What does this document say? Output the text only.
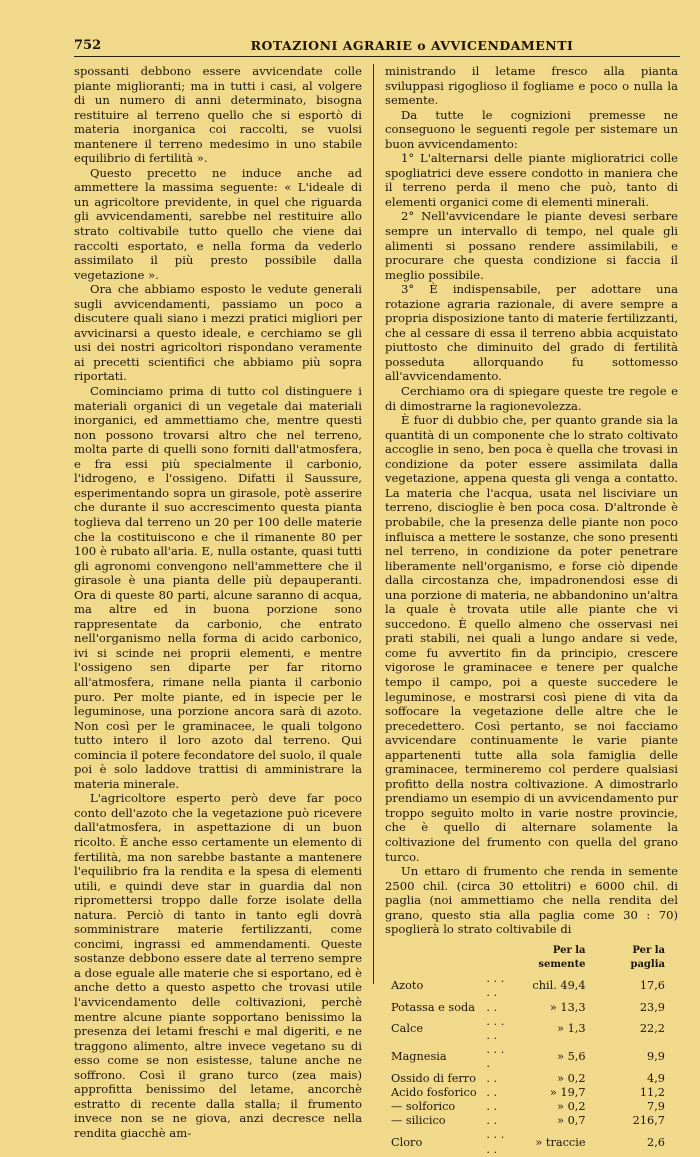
752	ROTAZIONI AGRARIE o AVVICENDAMENTI

spossanti debbono essere avvicendate colle piante miglioranti; ma in tutti i casi, al volgere di un numero di anni determinato, bisogna restituire al terreno quello che si esportò di materia inorganica coi raccolti, se vuolsi mantenere il terreno medesimo in uno stabile equilibrio di fertilità ».

Questo precetto ne induce anche ad ammettere la massima seguente: « L'ideale di un agricoltore previdente, in quel che riguarda gli avvicendamenti, sarebbe nel restituire allo strato coltivabile tutto quello che viene dai raccolti esportato, e nella forma da vederlo assimilato il più presto possibile dalla vegetazione ».

Ora che abbiamo esposto le vedute generali sugli avvicendamenti, passiamo un poco a discutere quali siano i mezzi pratici migliori per avvicinarsi a questo ideale, e cerchiamo se gli usi dei nostri agricoltori rispondano veramente ai precetti scientifici che abbiamo più sopra riportati.

Cominciamo prima di tutto col distinguere i materiali organici di un vegetale dai materiali inorganici, ed ammettiamo che, mentre questi non possono trovarsi altro che nel terreno, molta parte di quelli sono forniti dall'atmosfera, e fra essi più specialmente il carbonio, l'idrogeno, e l'ossigeno. Difatti il Saussure, esperimentando sopra un girasole, potè asserire che durante il suo accrescimento questa pianta toglieva dal terreno un 20 per 100 delle materie che la costituiscono e che il rimanente 80 per 100 è rubato all'aria. E, nulla ostante, quasi tutti gli agronomi convengono nell'ammettere che il girasole è una pianta delle più depauperanti. Ora di queste 80 parti, alcune saranno di acqua, ma altre ed in buona porzione sono rappresentate da carbonio, che entrato nell'organismo nella forma di acido carbonico, ivi si scinde nei proprii elementi, e mentre l'ossigeno sen diparte per far ritorno all'atmosfera, rimane nella pianta il carbonio puro. Per molte piante, ed in ispecie per le leguminose, una porzione ancora sarà di azoto. Non così per le graminacee, le quali tolgono tutto intero il loro azoto dal terreno. Qui comincia il potere fecondatore del suolo, il quale poi è solo laddove trattisi di amministrare la materia minerale.

L'agricoltore esperto però deve far poco conto dell'azoto che la vegetazione può ricevere dall'atmosfera, in aspettazione di un buon ricolto. È anche esso certamente un elemento di fertilità, ma non sarebbe bastante a mantenere l'equilibrio fra la rendita e la spesa di elementi utili, e quindi deve star in guardia dal non ripromettersi troppo dalle forze isolate della natura. Perciò di tanto in tanto egli dovrà somministrare materie fertilizzanti, come concimi, ingrassi ed ammendamenti. Queste sostanze debbono essere date al terreno sempre a dose eguale alle materie che si esportano, ed è anche detto a questo aspetto che trovasi utile l'avvicendamento delle coltivazioni, perchè mentre alcune piante sopportano benissimo la presenza dei letami freschi e mal digeriti, e ne traggono alimento, altre invece vegetano su di esso come se non esistesse, talune anche ne soffrono. Così il grano turco (zea mais) approfitta benissimo del letame, ancorchè estratto di recente dalla stalla; il frumento invece non se ne giova, anzi decresce nella rendita giacchè am-

ministrando il letame fresco alla pianta sviluppasi rigoglioso il fogliame e poco o nulla la semente.

Da tutte le cognizioni premesse ne conseguono le seguenti regole per sistemare un buon avvicendamento:

1° L'alternarsi delle piante miglioratrici colle spogliatrici deve essere condotto in maniera che il terreno perda il meno che può, tanto di elementi organici come di elementi minerali.

2° Nell'avvicendare le piante devesi serbare sempre un intervallo di tempo, nel quale gli alimenti si possano rendere assimilabili, e procurare che questa condizione si faccia il meglio possibile.

3° È indispensabile, per adottare una rotazione agraria razionale, di avere sempre a propria disposizione tanto di materie fertilizzanti, che al cessare di essa il terreno abbia acquistato piuttosto che diminuito del grado di fertilità posseduta allorquando fu sottomesso all'avvicendamento.

Cerchiamo ora di spiegare queste tre regole e di dimostrarne la ragionevolezza.

È fuor di dubbio che, per quanto grande sia la quantità di un componente che lo strato coltivato accoglie in seno, ben poca è quella che trovasi in condizione da poter essere assimilata dalla vegetazione, appena questa gli venga a contatto. La materia che l'acqua, usata nel lisciviare un terreno, discioglie è ben poca cosa. D'altronde è probabile, che la presenza delle piante non poco influisca a mettere le sostanze, che sono presenti nel terreno, in condizione da poter penetrare liberamente nell'organismo, e forse ciò dipende dalla circostanza che, impadronendosi esse di una porzione di materia, ne abbandonino un'altra la quale è trovata utile alle piante che vi succedono. È quello almeno che osservasi nei prati stabili, nei quali a lungo andare si vede, come fu avvertito fin da principio, crescere vigorose le graminacee e tenere per qualche tempo il campo, poi a queste succedere le leguminose, e mostrarsi così piene di vita da soffocare la vegetazione delle altre che le precedettero. Così pertanto, se noi facciamo avvicendare continuamente le varie piante appartenenti tutte alla sola famiglia delle graminacee, termineremo col perdere qualsiasi profitto della nostra coltivazione. A dimostrarlo prendiamo un esempio di un avvicendamento pur troppo seguìto molto in varie nostre provincie, che è quello di alternare solamente la coltivazione del frumento con quella del grano turco.

Un ettaro di frumento che renda in semente 2500 chil. (circa 30 ettolitri) e 6000 chil. di paglia (noi ammettiamo che nella rendita del grano, questo stia alla paglia come 30 : 70) spoglierà lo strato coltivabile di

		Per la semente	Per la paglia
Azoto	. . . . .	chil. 49,4	17,6
Potassa e soda	. .	» 13,3	23,9
Calce	. . . . .	» 1,3	22,2
Magnesia	. . . .	» 5,6	9,9
Ossido di ferro	. .	» 0,2	4,9
Acido fosforico	. .	» 19,7	11,2
— solforico	. .	» 0,2	7,9
— silicico	. .	» 0,7	216,7
Cloro	. . . . .	» traccie	2,6
